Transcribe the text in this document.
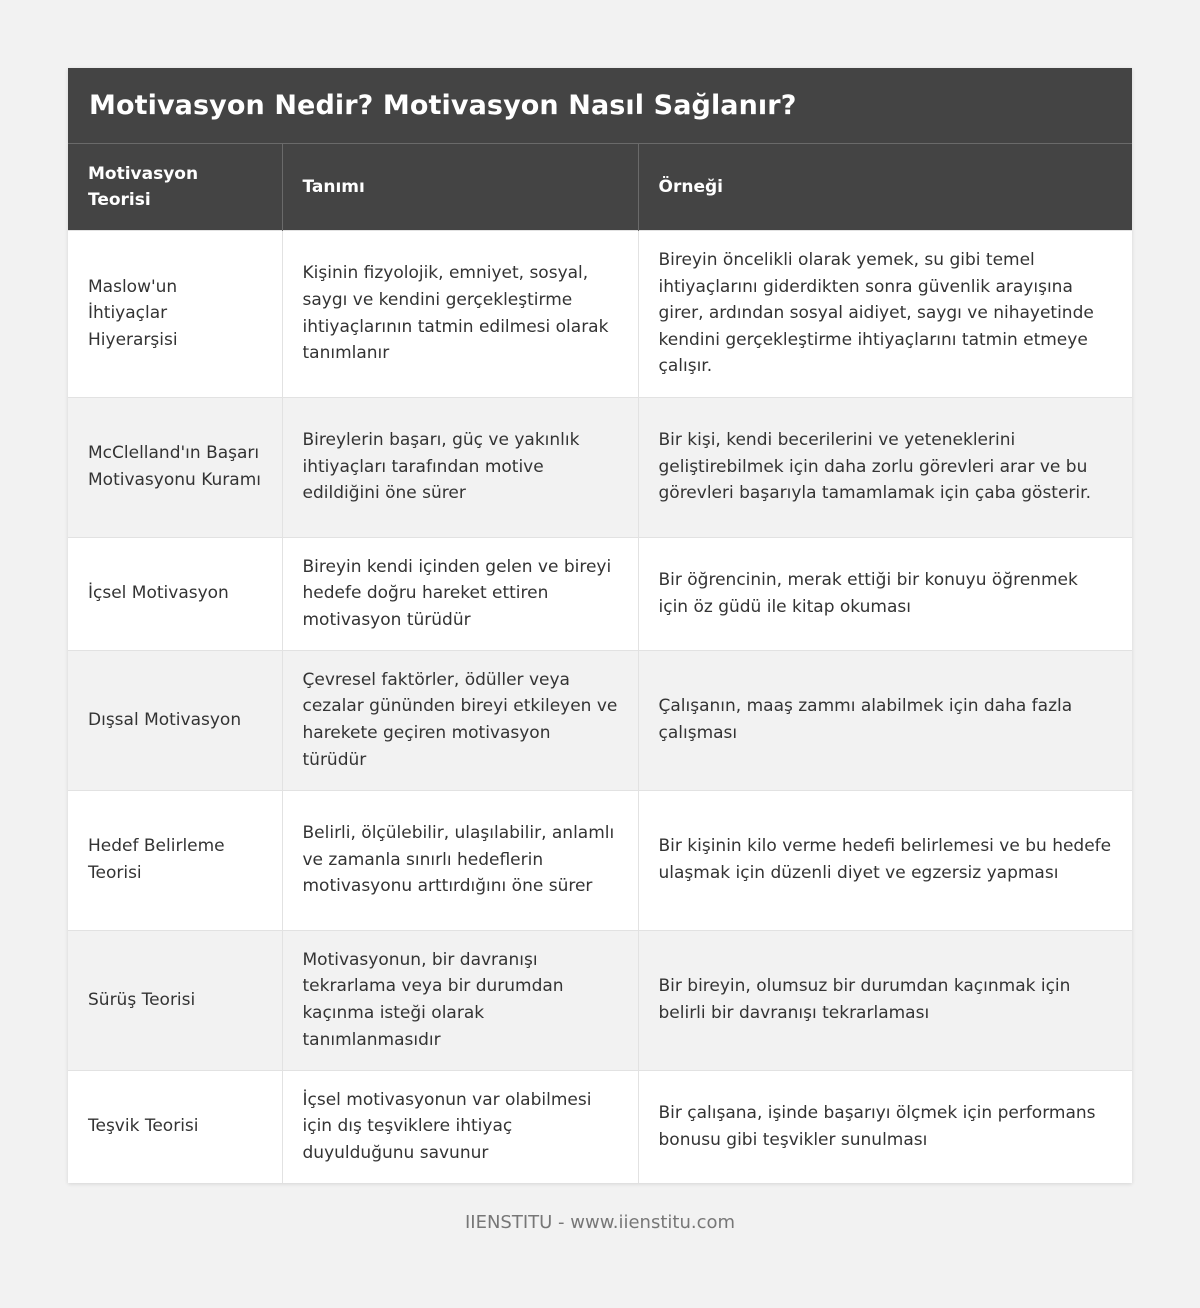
Motivasyon Nedir? Motivasyon Nasıl Sağlanır?
Motivasyon Teorisi	Tanımı	Örneği
Maslow'un İhtiyaçlar Hiyerarşisi	Kişinin fizyolojik, emniyet, sosyal, saygı ve kendini gerçekleştirme ihtiyaçlarının tatmin edilmesi olarak tanımlanır	Bireyin öncelikli olarak yemek, su gibi temel ihtiyaçlarını giderdikten sonra güvenlik arayışına girer, ardından sosyal aidiyet, saygı ve nihayetinde kendini gerçekleştirme ihtiyaçlarını tatmin etmeye çalışır.
McClelland'ın Başarı Motivasyonu Kuramı	Bireylerin başarı, güç ve yakınlık ihtiyaçları tarafından motive edildiğini öne sürer	Bir kişi, kendi becerilerini ve yeteneklerini geliştirebilmek için daha zorlu görevleri arar ve bu görevleri başarıyla tamamlamak için çaba gösterir.
İçsel Motivasyon	Bireyin kendi içinden gelen ve bireyi hedefe doğru hareket ettiren motivasyon türüdür	Bir öğrencinin, merak ettiği bir konuyu öğrenmek için öz güdü ile kitap okuması
Dışsal Motivasyon	Çevresel faktörler, ödüller veya cezalar gününden bireyi etkileyen ve harekete geçiren motivasyon türüdür	Çalışanın, maaş zammı alabilmek için daha fazla çalışması
Hedef Belirleme Teorisi	Belirli, ölçülebilir, ulaşılabilir, anlamlı ve zamanla sınırlı hedeflerin motivasyonu arttırdığını öne sürer	Bir kişinin kilo verme hedefi belirlemesi ve bu hedefe ulaşmak için düzenli diyet ve egzersiz yapması
Sürüş Teorisi	Motivasyonun, bir davranışı tekrarlama veya bir durumdan kaçınma isteği olarak tanımlanmasıdır	Bir bireyin, olumsuz bir durumdan kaçınmak için belirli bir davranışı tekrarlaması
Teşvik Teorisi	İçsel motivasyonun var olabilmesi için dış teşviklere ihtiyaç duyulduğunu savunur	Bir çalışana, işinde başarıyı ölçmek için performans bonusu gibi teşvikler sunulması
IIENSTITU - www.iienstitu.com
